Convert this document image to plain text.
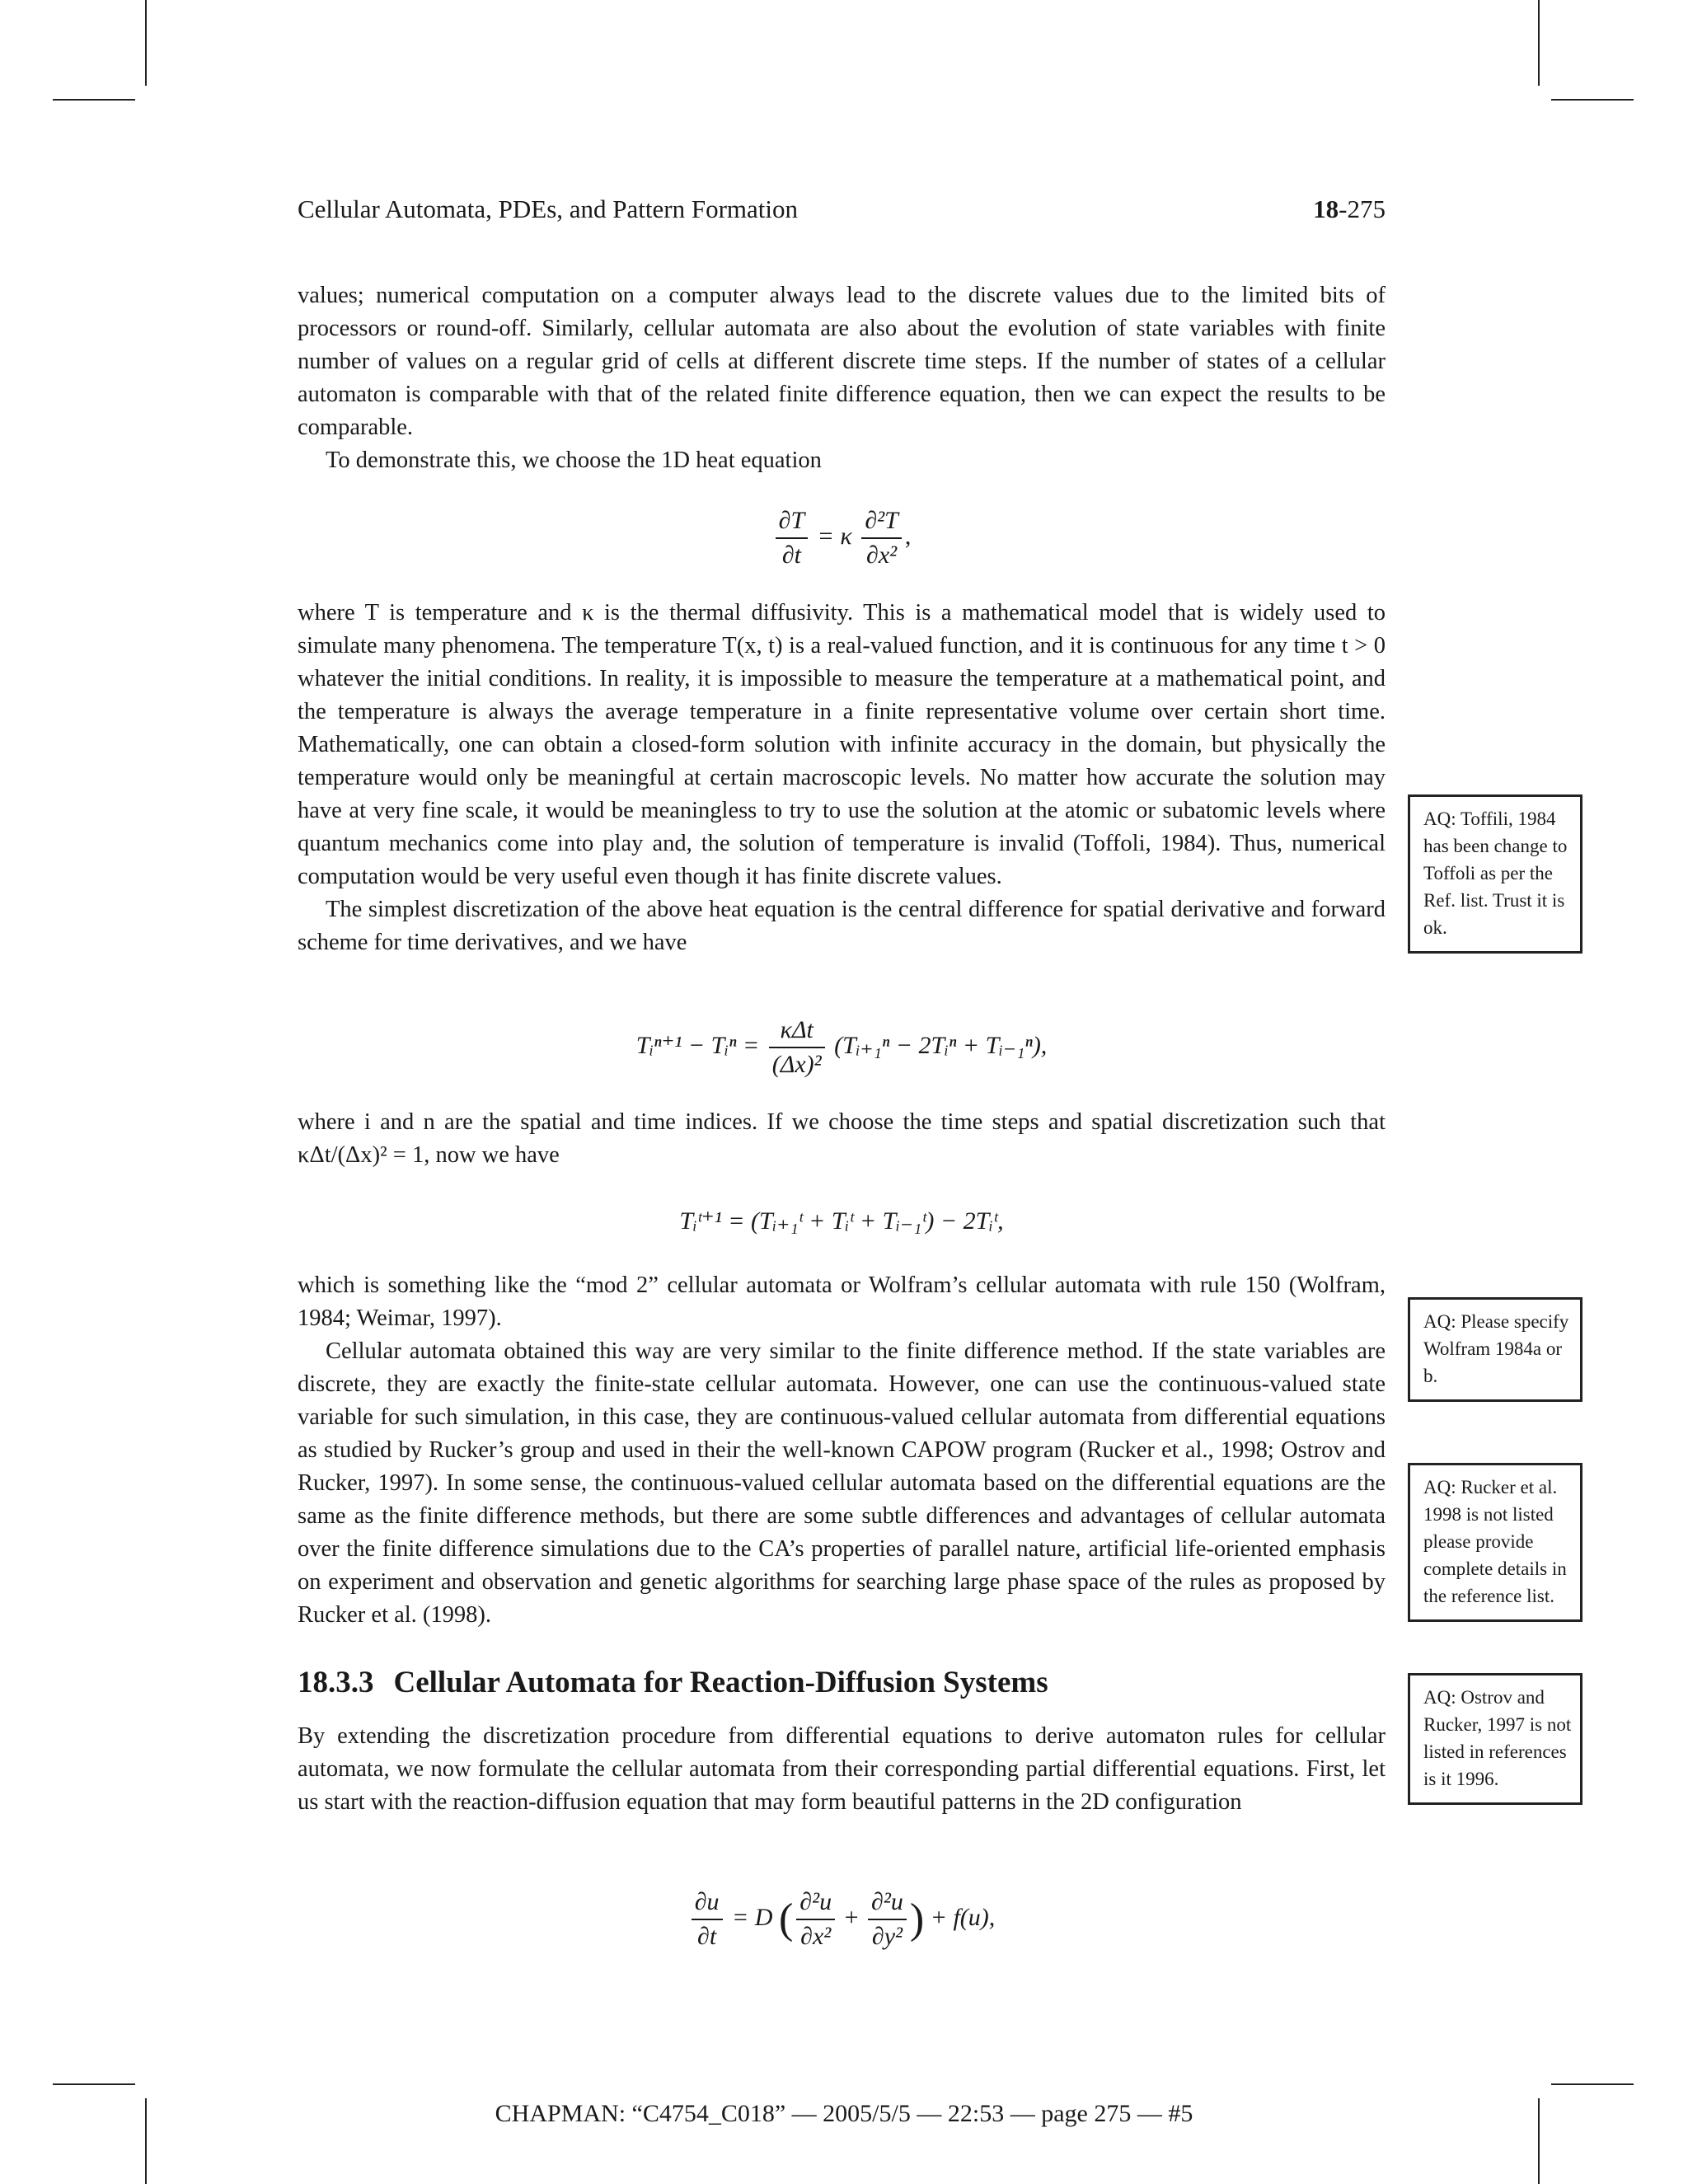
Cellular Automata, PDEs, and Pattern Formation	18-275

values; numerical computation on a computer always lead to the discrete values due to the limited bits of processors or round-off. Similarly, cellular automata are also about the evolution of state variables with finite number of values on a regular grid of cells at different discrete time steps. If the number of states of a cellular automaton is comparable with that of the related finite difference equation, then we can expect the results to be comparable.

To demonstrate this, we choose the 1D heat equation

$\frac{\partial T}{\partial t} = \kappa \frac{\text{∂²T}}{\text{∂x²}}$ ,

where T is temperature and κ is the thermal diffusivity. This is a mathematical model that is widely used to simulate many phenomena. The temperature T(x, t) is a real-valued function, and it is continuous for any time t > 0 whatever the initial conditions. In reality, it is impossible to measure the temperature at a mathematical point, and the temperature is always the average temperature in a finite representative volume over certain short time. Mathematically, one can obtain a closed-form solution with infinite accuracy in the domain, but physically the temperature would only be meaningful at certain macroscopic levels. No matter how accurate the solution may have at very fine scale, it would be meaningless to try to use the solution at the atomic or subatomic levels where quantum mechanics come into play and, the solution of temperature is invalid (Toffoli, 1984). Thus, numerical computation would be very useful even though it has finite discrete values.

The simplest discretization of the above heat equation is the central difference for spatial derivative and forward scheme for time derivatives, and we have

Tᵢⁿ⁺¹ − Tᵢⁿ = $\frac{\text{κΔt}}{\text{(Δx)²}}$ (Tᵢ₊₁ⁿ − 2Tᵢⁿ + Tᵢ₋₁ⁿ),

where i and n are the spatial and time indices. If we choose the time steps and spatial discretization such that κΔt/(Δx)² = 1, now we have

Tᵢᵗ⁺¹ = (Tᵢ₊₁ᵗ + Tᵢᵗ + Tᵢ₋₁ᵗ) − 2Tᵢᵗ,

which is something like the “mod 2” cellular automata or Wolfram’s cellular automata with rule 150 (Wolfram, 1984; Weimar, 1997).

Cellular automata obtained this way are very similar to the finite difference method. If the state variables are discrete, they are exactly the finite-state cellular automata. However, one can use the continuous-valued state variable for such simulation, in this case, they are continuous-valued cellular automata from differential equations as studied by Rucker’s group and used in their the well-known CAPOW program (Rucker et al., 1998; Ostrov and Rucker, 1997). In some sense, the continuous-valued cellular automata based on the differential equations are the same as the finite difference methods, but there are some subtle differences and advantages of cellular automata over the finite difference simulations due to the CA’s properties of parallel nature, artificial life-oriented emphasis on experiment and observation and genetic algorithms for searching large phase space of the rules as proposed by Rucker et al. (1998).

18.3.3 Cellular Automata for Reaction-Diffusion Systems

By extending the discretization procedure from differential equations to derive automaton rules for cellular automata, we now formulate the cellular automata from their corresponding partial differential equations. First, let us start with the reaction-diffusion equation that may form beautiful patterns in the 2D configuration

$\frac{\partial u}{\partial t} = D$ ( $\frac{\text{∂²u}}{\text{∂x²}} + \frac{\text{∂²u}}{\text{∂y²}}$ ) + f(u),
AQ: Toffili, 1984 has been change to Toffoli as per the Ref. list. Trust it is ok.
AQ: Please specify Wolfram 1984a or b.
AQ: Rucker et al. 1998 is not listed please provide complete details in the reference list.
AQ: Ostrov and Rucker, 1997 is not listed in references is it 1996.
CHAPMAN: “C4754_C018” — 2005/5/5 — 22:53 — page 275 — #5
